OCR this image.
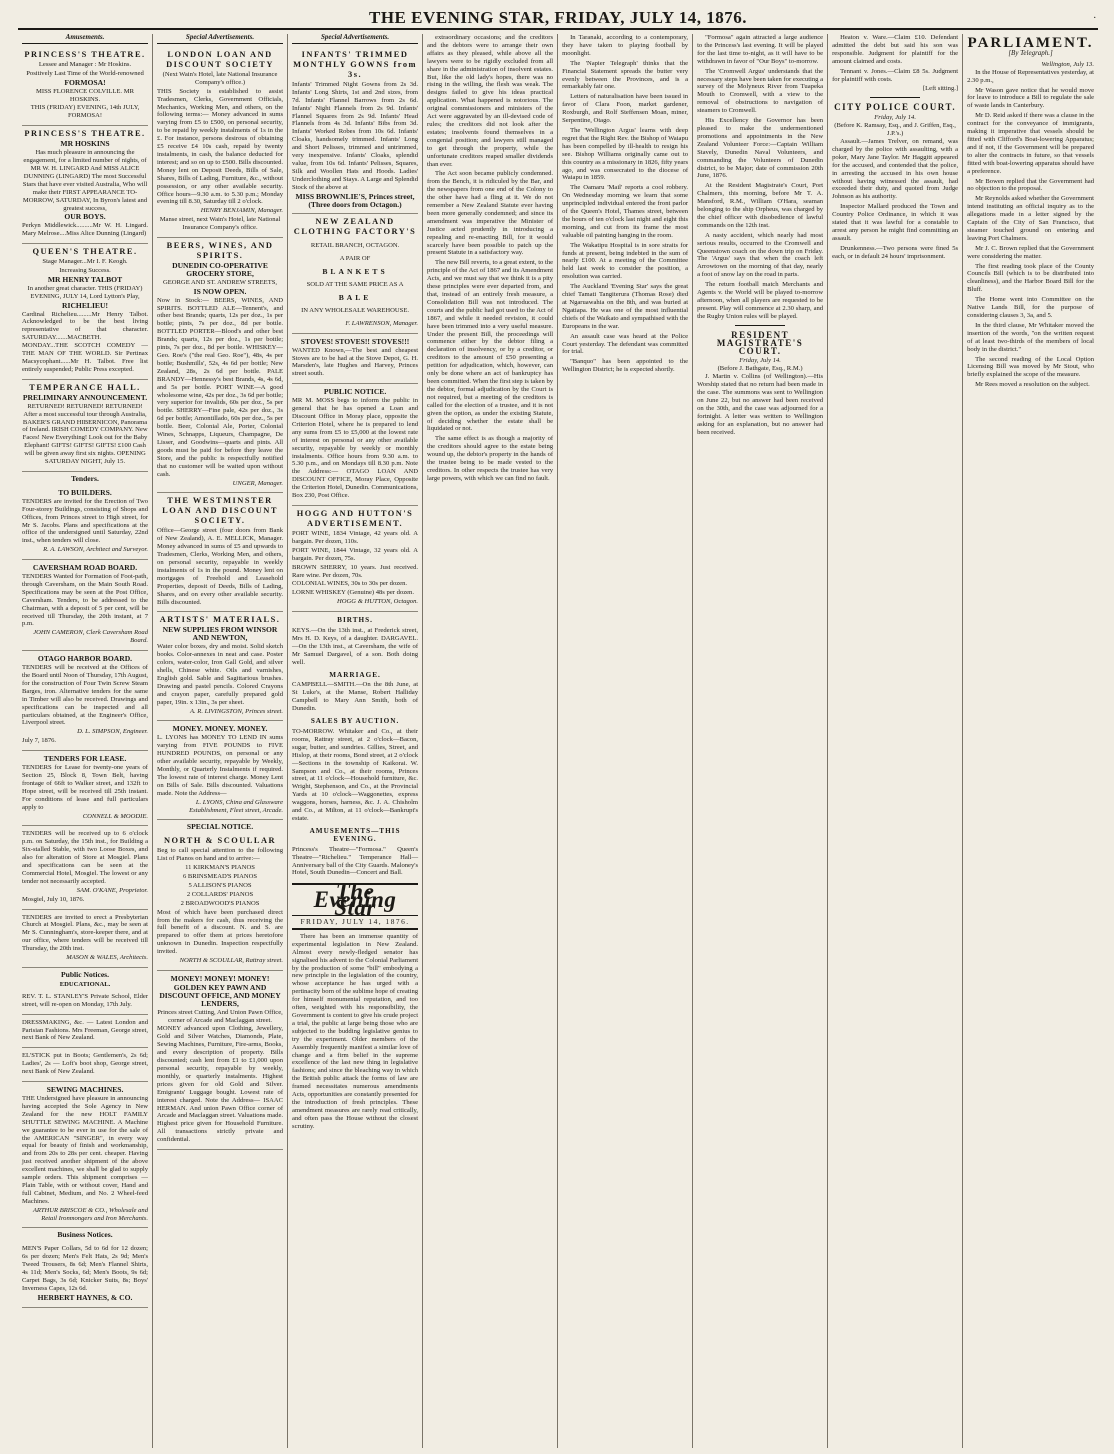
THE EVENING STAR, FRIDAY, JULY 14, 1876.	.
Amusements.
PRINCESS'S THEATRE.

Lessee and Manager : Mr Hoskins.

Positively Last Time of the World-renowned

FORMOSA!

MISS FLORENCE COLVILLE. MR HOSKINS.

THIS (FRIDAY) EVENING, 14th JULY, FORMOSA!

PRINCESS'S THEATRE.
MR HOSKINS

Has much pleasure in announcing the engagement, for a limited number of nights, of MR W. H. LINGARD And MISS ALICE DUNNING (LINGARD) The most Successful Stars that have ever visited Australia, Who will make their FIRST APPEARANCE TO-MORROW, SATURDAY, In Byron's latest and greatest success,

OUR BOYS.

Perkyn Middlewick..........Mr W. H. Lingard. Mary Melrose....Miss Alice Dunning (Lingard)

QUEEN'S THEATRE.

Stage Manager...Mr I. F. Keogh.

Increasing Success.

MR HENRY TALBOT

In another great character. THIS (FRIDAY) EVENING, JULY 14, Lord Lytton's Play,

RICHELIEU!

Cardinal Richelieu.........Mr Henry Talbot. Acknowledged to be the best living representative of that character. SATURDAY.......MACBETH. MONDAY...THE SCOTCH COMEDY — THE MAN OF THE WORLD. Sir Pertinax Macsycophant......Mr H. Talbot. Free list entirely suspended; Public Press excepted.

TEMPERANCE HALL.
PRELIMINARY ANNOUNCEMENT.

RETURNED! RETURNED! RETURNED! After a most successful tour through Australia, BAKER'S GRAND HIBERNICON, Panorama of Ireland. IRISH COMEDY COMPANY. New Faces! New Everything! Look out for the Baby Elephant! GIFTS! GIFTS! GIFTS! £100 Cash will be given away first six nights. OPENING SATURDAY NIGHT, July 15.

Tenders.
TO BUILDERS.

TENDERS are invited for the Erection of Two Four-storey Buildings, consisting of Shops and Offices, from Princes street to High street, for Mr S. Jacobs. Plans and specifications at the office of the undersigned until Saturday, 22nd inst., when tenders will close.

R. A. LAWSON, Architect and Surveyor.

CAVERSHAM ROAD BOARD.

TENDERS Wanted for Formation of Foot-path, through Caversham, on the Main South Road. Specifications may be seen at the Post Office, Caversham. Tenders, to be addressed to the Chairman, with a deposit of 5 per cent, will be received till Thursday, the 20th instant, at 7 p.m.

JOHN CAMERON, Clerk Caversham Road Board.

OTAGO HARBOR BOARD.

TENDERS will be received at the Offices of the Board until Noon of Thursday, 17th August, for the construction of Four Twin Screw Steam Barges, iron. Alternative tenders for the same in Timber will also be received. Drawings and specifications can be inspected and all particulars obtained, at the Engineer's Office, Liverpool street.

D. L. SIMPSON, Engineer.

July 7, 1876.

TENDERS FOR LEASE.

TENDERS for Lease for twenty-one years of Section 25, Block 8, Town Belt, having frontage of 66ft to Walker street, and 132ft to Hope street, will be received till 25th instant. For conditions of lease and full particulars apply to

CONNELL & MOODIE.

TENDERS will be received up to 6 o'clock p.m. on Saturday, the 15th inst., for Building a Six-stalled Stable, with two Loose Boxes, and also for alteration of Store at Mosgiel. Plans and specifications can be seen at the Commercial Hotel, Mosgiel. The lowest or any tender not necessarily accepted.

SAM. O'KANE, Proprietor.

Mosgiel, July 10, 1876.

TENDERS are invited to erect a Presbyterian Church at Mosgiel. Plans, &c., may be seen at Mr S. Cunningham's, store-keeper there, and at our office, where tenders will be received till Thursday, the 20th inst.

MASON & WALES, Architects.

Public Notices.
EDUCATIONAL.

REV. T. L. STANLEY'S Private School, Elder street, will re-open on Monday, 17th July.

DRESSMAKING, &c. — Latest London and Parisian Fashions. Mrs Freeman, George street, next Bank of New Zealand.

EL'STICK put in Boots; Gentlemen's, 2s 6d; Ladies', 2s — Loft's boot shop, George street, next Bank of New Zealand.

SEWING MACHINES.

THE Undersigned have pleasure in announcing having accepted the Sole Agency in New Zealand for the new HOLT FAMILY SHUTTLE SEWING MACHINE. A Machine we guarantee to be ever in use for the sale of the AMERICAN "SINGER", in every way equal for beauty of finish and workmanship, and from 20s to 28s per cent. cheaper. Having just received another shipment of the above excellent machines, we shall be glad to supply sample orders. This shipment comprises — Plain Table, with or without cover, Hand and full Cabinet, Medium, and No. 2 Wheel-feed Machines.

ARTHUR BRISCOE & CO., Wholesale and Retail Ironmongers and Iron Merchants.

Business Notices.

MEN'S Paper Collars, 5d to 6d for 12 dozen; 6s per dozen; Men's Felt Hats, 2s 9d; Men's Tweed Trousers, 8s 6d; Men's Flannel Shirts, 4s 11d; Men's Socks, 6d; Men's Boots, 9s 6d; Carpet Bags, 3s 6d; Knicker Suits, 8s; Boys' Inverness Capes, 12s 6d.

HERBERT HAYNES, & CO.
Special Advertisements.
LONDON LOAN AND DISCOUNT SOCIETY

(Next Wain's Hotel, late National Insurance Company's office.)

THIS Society is established to assist Tradesmen, Clerks, Government Officials, Mechanics, Working Men, and others, on the following terms:— Money advanced in sums varying from £5 to £500, on personal security, to be repaid by weekly instalments of 1s in the £. For instance, persons desirous of obtaining £5 receive £4 10s cash, repaid by twenty instalments, in cash, the balance deducted for interest; and so on up to £500. Bills discounted. Money lent on Deposit Deeds, Bills of Sale, Shares, Bills of Lading, Furniture, &c., without possession, or any other available security. Office hours—9.30 a.m. to 5.30 p.m.; Monday evening till 8.30, Saturday till 2 o'clock.

HENRY BENJAMIN, Manager.

Manse street, next Wain's Hotel, late National Insurance Company's office.

BEERS, WINES, AND SPIRITS.
DUNEDIN CO-OPERATIVE GROCERY STORE,

GEORGE AND ST. ANDREW STREETS,

IS NOW OPEN.

Now in Stock:— BEERS, WINES, AND SPIRITS. BOTTLED ALE—Tennent's, and other best Brands; quarts, 12s per doz., 1s per bottle; pints, 7s per doz., 8d per bottle. BOTTLED PORTER—Blood's and other best Brands; quarts, 12s per doz., 1s per bottle; pints, 7s per doz., 8d per bottle. WHISKEY—Geo. Roe's ("the real Geo. Roe"), 48s, 4s per bottle; Bushmills', 52s, 4s 6d per bottle; New Zealand, 28s, 2s 6d per bottle. PALE BRANDY—Hennessy's best Brands, 4s, 4s 6d, and 5s per bottle. PORT WINE—A good wholesome wine, 42s per doz., 3s 6d per bottle; very superior for invalids, 60s per doz., 5s per bottle. SHERRY—Fine pale, 42s per doz., 3s 6d per bottle; Amontillado, 60s per doz., 5s per bottle. Beer, Colonial Ale, Porter, Colonial Wines, Schnapps, Liqueurs, Champagne, De Lisser, and Goodwins—quarts and pints. All goods must be paid for before they leave the Store, and the public is respectfully notified that no customer will be waited upon without cash.

UNGER, Manager.

THE WESTMINSTER LOAN AND DISCOUNT SOCIETY.

Office—George street (four doors from Bank of New Zealand), A. E. MELLICK, Manager. Money advanced in sums of £5 and upwards to Tradesmen, Clerks, Working Men, and others, on personal security, repayable in weekly instalments of 1s in the pound. Money lent on mortgages of Freehold and Leasehold Properties, deposit of Deeds, Bills of Lading, Shares, and on every other available security. Bills discounted.

ARTISTS' MATERIALS.
NEW SUPPLIES FROM WINSOR AND NEWTON,

Water color boxes, dry and moist. Solid sketch books. Color-annexes in neat and case. Poster colors, water-color, Iron Gall Gold, and silver shells, Chinese white. Oils and varnishes, English gold. Sable and Sagittarious brushes. Drawing and pastel pencils. Colored Crayons and crayon paper, carefully prepared gold paper, 19in. x 13in., 3s per sheet.

A. R. LIVINGSTON, Princes street.

MONEY. MONEY. MONEY.

L. LYONS has MONEY TO LEND IN sums varying from FIVE POUNDS to FIVE HUNDRED POUNDS, on personal or any other available security, repayable by Weekly, Monthly, or Quarterly Instalments if required. The lowest rate of interest charge. Money Lent on Bills of Sale. Bills discounted. Valuations made. Note the Address—

L. LYONS, China and Glassware Establishment, Fleet street, Arcade.

SPECIAL NOTICE.
NORTH & SCOULLAR

Beg to call special attention to the following List of Pianos on hand and to arrive:—

11 KIRKMAN'S PIANOS

6 BRINSMEAD'S PIANOS

5 ALLISON'S PIANOS

2 COLLARDS' PIANOS

2 BROADWOOD'S PIANOS

Most of which have been purchased direct from the makers for cash, thus receiving the full benefit of a discount. N. and S. are prepared to offer them at prices heretofore unknown in Dunedin. Inspection respectfully invited.

NORTH & SCOULLAR, Rattray street.

MONEY! MONEY! MONEY!
GOLDEN KEY PAWN AND DISCOUNT OFFICE, AND MONEY LENDERS,

Princes street Cutting, And Union Pawn Office, corner of Arcade and Maclaggan street.

MONEY advanced upon Clothing, Jewellery, Gold and Silver Watches, Diamonds, Plate, Sewing Machines, Furniture, Fire-arms, Books, and every description of property. Bills discounted; cash lent from £1 to £1,000 upon personal security, repayable by weekly, monthly, or quarterly instalments. Highest prices given for old Gold and Silver. Emigrants' Luggage bought. Lowest rate of interest charged. Note the Address— ISAAC HERMAN. And union Pawn Office corner of Arcade and Maclaggan street. Valuations made. Highest price given for Household Furniture. All transactions strictly private and confidential.

Special Advertisements.
INFANTS' TRIMMED MONTHLY GOWNS from 3s.

Infants' Trimmed Night Gowns from 2s 3d. Infants' Long Shirts, 1st and 2nd sizes, from 7d. Infants' Flannel Barrows from 2s 6d. Infants' Night Flannels from 2s 9d. Infants' Flannel Squares from 2s 9d. Infants' Head Flannels from 4s 3d. Infants' Bibs from 3d. Infants' Worked Robes from 10s 6d. Infants' Cloaks, handsomely trimmed. Infants' Long and Short Pelisses, trimmed and untrimmed, very inexpensive. Infants' Cloaks, splendid value, from 10s 6d. Infants' Pelisses, Squares, Silk and Woollen Hats and Hoods. Ladies' Underclothing and Stays. A Large and Splendid Stock of the above at

MISS BROWNLIE'S, Princes street, (Three doors from Octagon.)
NEW ZEALAND CLOTHING FACTORY'S

RETAIL BRANCH, OCTAGON.

A PAIR OF

BLANKETS

SOLD AT THE SAME PRICE AS A

BALE

IN ANY WHOLESALE WAREHOUSE.

F. LAWRENSON, Manager.

STOVES! STOVES!! STOVES!!!

WANTED Known,—The best and cheapest Stoves are to be had at the Stove Depot, G. H. Marsden's, late Hughes and Harvey, Princes street south.

PUBLIC NOTICE.

MR M. MOSS begs to inform the public in general that he has opened a Loan and Discount Office in Moray place, opposite the Criterion Hotel, where he is prepared to lend any sums from £5 to £5,000 at the lowest rate of interest on personal or any other available security, repayable by weekly or monthly instalments. Office hours from 9.30 a.m. to 5.30 p.m., and on Mondays till 8.30 p.m. Note the Address:— OTAGO LOAN AND DISCOUNT OFFICE, Moray Place, Opposite the Criterion Hotel, Dunedin. Communications, Box 230, Post Office.

HOGG AND HUTTON'S ADVERTISEMENT.

PORT WINE, 1834 Vintage, 42 years old. A bargain. Per dozen, 110s.

PORT WINE, 1844 Vintage, 32 years old. A bargain. Per dozen, 75s.

BROWN SHERRY, 10 years. Just received. Rare wine. Per dozen, 70s.

COLONIAL WINES, 30s to 30s per dozen.

LORNE WHISKEY (Genuine) 48s per dozen.

HOGG & HUTTON, Octagon.

BIRTHS.

KEYS.—On the 13th inst., at Frederick street, Mrs H. D. Keys, of a daughter. DARGAVEL.—On the 13th inst., at Caversham, the wife of Mr Samuel Dargavel, of a son. Both doing well.

MARRIAGE.

CAMPBELL—SMITH.—On the 8th June, at St Luke's, at the Manse, Robert Halliday Campbell to Mary Ann Smith, both of Dunedin.

SALES BY AUCTION.

TO-MORROW. Whitaker and Co., at their rooms, Rattray street, at 2 o'clock—Bacon, sugar, butter, and sundries. Gillies, Street, and Hislop, at their rooms, Bond street, at 2 o'clock—Sections in the township of Kaikorai. W. Sampson and Co., at their rooms, Princes street, at 11 o'clock—Household furniture, &c. Wright, Stephenson, and Co., at the Provincial Yards at 10 o'clock—Waggonettes, express waggons, horses, harness, &c. J. A. Chisholm and Co., at Milton, at 11 o'clock—Bankrupt's estate.

AMUSEMENTS—THIS EVENING.

Princess's Theatre—"Formosa." Queen's Theatre—"Richelieu." Temperance Hall—Anniversary ball of the City Guards. Maloney's Hotel, South Dunedin—Concert and Ball.

The Evening Star
FRIDAY, JULY 14, 1876.

There has been an immense quantity of experimental legislation in New Zealand. Almost every newly-fledged senator has signalised his advent to the Colonial Parliament by the production of some "bill" embodying a new principle in the legislation of the country, whose acceptance he has urged with a pertinacity born of the sublime hope of creating for himself monumental reputation, and too often, weighted with his responsibility, the Government is content to give his crude project a trial, the public at large being those who are subjected to the budding legislative genius to try the experiment. Older members of the Assembly frequently manifest a similar love of change and a firm belief in the supreme excellence of the last new thing in legislative fashions; and since the bleaching way in which the British public attack the forms of law are framed necessitates numerous amendments Acts, opportunities are constantly presented for the introduction of fresh principles. These amendment measures are rarely read critically, and often pass the House without the closest scrutiny.

extraordinary occasions; and the creditors and the debtors were to arrange their own affairs as they pleased, while above all the lawyers were to be rigidly excluded from all share in the administration of insolvent estates. But, like the old lady's hopes, there was no rising in the willing, the flesh was weak. The designs failed to give his ideas practical application. What happened is notorious. The original commissioners and ministers of the Act were aggravated by an ill-devised code of rules; the creditors did not look after the estates; insolvents found themselves in a congenial position; and lawyers still managed to get through the property, while the unfortunate creditors reaped smaller dividends than ever.

The Act soon became publicly condemned. from the Bench, it is ridiculed by the Bar, and the newspapers from one end of the Colony to the other have had a fling at it. We do not remember a New Zealand Statute ever having been more generally condemned; and since its amendment was imperative the Minister of Justice acted prudently in introducing a repealing and re-enacting Bill, for it would scarcely have been possible to patch up the present Statute in a satisfactory way.

The new Bill reverts, to a great extent, to the principle of the Act of 1867 and its Amendment Acts, and we must say that we think it is a pity these principles were ever departed from, and that, instead of an entirely fresh measure, a Consolidation Bill was not introduced. The courts and the public had got used to the Act of 1867, and while it needed revision, it could have been trimmed into a very useful measure. Under the present Bill, the proceedings will commence either by the debtor filing a declaration of insolvency, or by a creditor, or creditors to the amount of £50 presenting a petition for adjudication, which, however, can only be done where an act of bankruptcy has been committed. When the first step is taken by the debtor, formal adjudication by the Court is not required, but a meeting of the creditors is called for the election of a trustee, and it is not given the option, as under the existing Statute, of deciding whether the estate shall be liquidated or not.

The same effect is as though a majority of the creditors should agree to the estate being wound up, the debtor's property in the hands of the trustee being to be made vested to the creditors. In other respects the trustee has very large powers, with which we can find no fault.

In Taranaki, according to a contemporary, they have taken to playing football by moonlight.

The 'Napier Telegraph' thinks that the Financial Statement spreads the butter very evenly between the Provinces, and is a remarkably fair one.

Letters of naturalisation have been issued in favor of Clara Foon, market gardener, Roxburgh, and Rolf Steffensen Moan, miner, Serpentine, Otago.

The 'Wellington Argus' learns with deep regret that the Right Rev. the Bishop of Waiapu has been compelled by ill-health to resign his see. Bishop Williams originally came out to this country as a missionary in 1826, fifty years ago, and was consecrated to the diocese of Waiapu in 1859.

The Oamaru 'Mail' reports a cool robbery. On Wednesday morning we learn that some unprincipled individual entered the front parlor of the Queen's Hotel, Thames street, between the hours of ten o'clock last night and eight this morning, and cut from its frame the most valuable oil painting hanging in the room.

The Wakatipu Hospital is in sore straits for funds at present, being indebted in the sum of nearly £100. At a meeting of the Committee held last week to consider the position, a resolution was carried.

The Auckland 'Evening Star' says the great chief Tamati Tangiterura (Thomas Rose) died at Ngaruawahia on the 8th, and was buried at Ngatiapa. He was one of the most influential chiefs of the Waikato and sympathised with the Europeans in the war.

An assault case was heard at the Police Court yesterday. The defendant was committed for trial.

"Banquo" has been appointed to the Wellington District; he is expected shortly.

"Formosa" again attracted a large audience to the Princess's last evening. It will be played for the last time to-night, as it will have to be withdrawn in favor of "Our Boys" to-morrow.

The 'Cromwell Argus' understands that the necessary steps have been taken for executing a survey of the Molyneux River from Tuapeka Mouth to Cromwell, with a view to the removal of obstructions to navigation of steamers to Cromwell.

His Excellency the Governor has been pleased to make the undermentioned promotions and appointments in the New Zealand Volunteer Force:—Captain William Stavely, Dunedin Naval Volunteers, and commanding the Volunteers of Dunedin district, to be Major; date of commission 20th June, 1876.

At the Resident Magistrate's Court, Port Chalmers, this morning, before Mr T. A. Mansford, R.M., William O'Hara, seaman belonging to the ship Orpheus, was charged by the chief officer with disobedience of lawful commands on the 12th inst.

A nasty accident, which nearly had most serious results, occurred to the Cromwell and Queenstown coach on the down trip on Friday. The 'Argus' says that when the coach left Arrowtown on the morning of that day, nearly a foot of snow lay on the road in parts.

The return football match Merchants and Agents v. the World will be played to-morrow afternoon, when all players are requested to be present. Play will commence at 2.30 sharp, and the Rugby Union rules will be played.

RESIDENT MAGISTRATE'S COURT.
Friday, July 14.
(Before J. Bathgate, Esq., R.M.)

J. Martin v. Collins (of Wellington).—His Worship stated that no return had been made in the case. The summons was sent to Wellington on June 22, but no answer had been received on the 30th, and the case was adjourned for a fortnight. A letter was written to Wellington asking for an explanation, but no answer had been received.

Heaton v. Ware.—Claim £10. Defendant admitted the debt but said his son was responsible. Judgment for plaintiff for the amount claimed and costs.

Tennant v. Jones.—Claim £8 5s. Judgment for plaintiff with costs.

[Left sitting.]
CITY POLICE COURT.
Friday, July 14.
(Before K. Ramsay, Esq., and J. Griffen, Esq., J.P.'s.)

Assault.—James Trelver, on remand, was charged by the police with assaulting, with a poker, Mary Jane Taylor. Mr Haggitt appeared for the accused, and contended that the police, in arresting the accused in his own house without having witnessed the assault, had exceeded their duty, and quoted from Judge Johnson as his authority.

Inspector Mallard produced the Town and Country Police Ordinance, in which it was stated that it was lawful for a constable to arrest any person he might find committing an assault.

Drunkenness.—Two persons were fined 5s each, or in default 24 hours' imprisonment.

PARLIAMENT.
[By Telegraph.]
Wellington, July 13.

In the House of Representatives yesterday, at 2.30 p.m.,

Mr Wason gave notice that he would move for leave to introduce a Bill to regulate the sale of waste lands in Canterbury.

Mr D. Reid asked if there was a clause in the contract for the conveyance of immigrants, making it imperative that vessels should be fitted with Clifford's Boat-lowering Apparatus; and if not, if the Government will be prepared to alter the contracts in future, so that vessels fitted with boat-lowering apparatus should have a preference.

Mr Bowen replied that the Government had no objection to the proposal.

Mr Reynolds asked whether the Government intend instituting an official inquiry as to the allegations made in a letter signed by the Captain of the City of San Francisco, that steamer touched ground on entering and leaving Port Chalmers.

Mr J. C. Brown replied that the Government were considering the matter.

The first reading took place of the County Councils Bill (which is to be distributed into cleanliness), and the Harbor Board Bill for the Bluff.

The Home went into Committee on the Native Lands Bill, for the purpose of considering clauses 3, 3a, and 5.

In the third clause, Mr Whitaker moved the insertion of the words, "on the written request of at least two-thirds of the members of local body in the district."

The second reading of the Local Option Licensing Bill was moved by Mr Stout, who briefly explained the scope of the measure.

Mr Rees moved a resolution on the subject.
